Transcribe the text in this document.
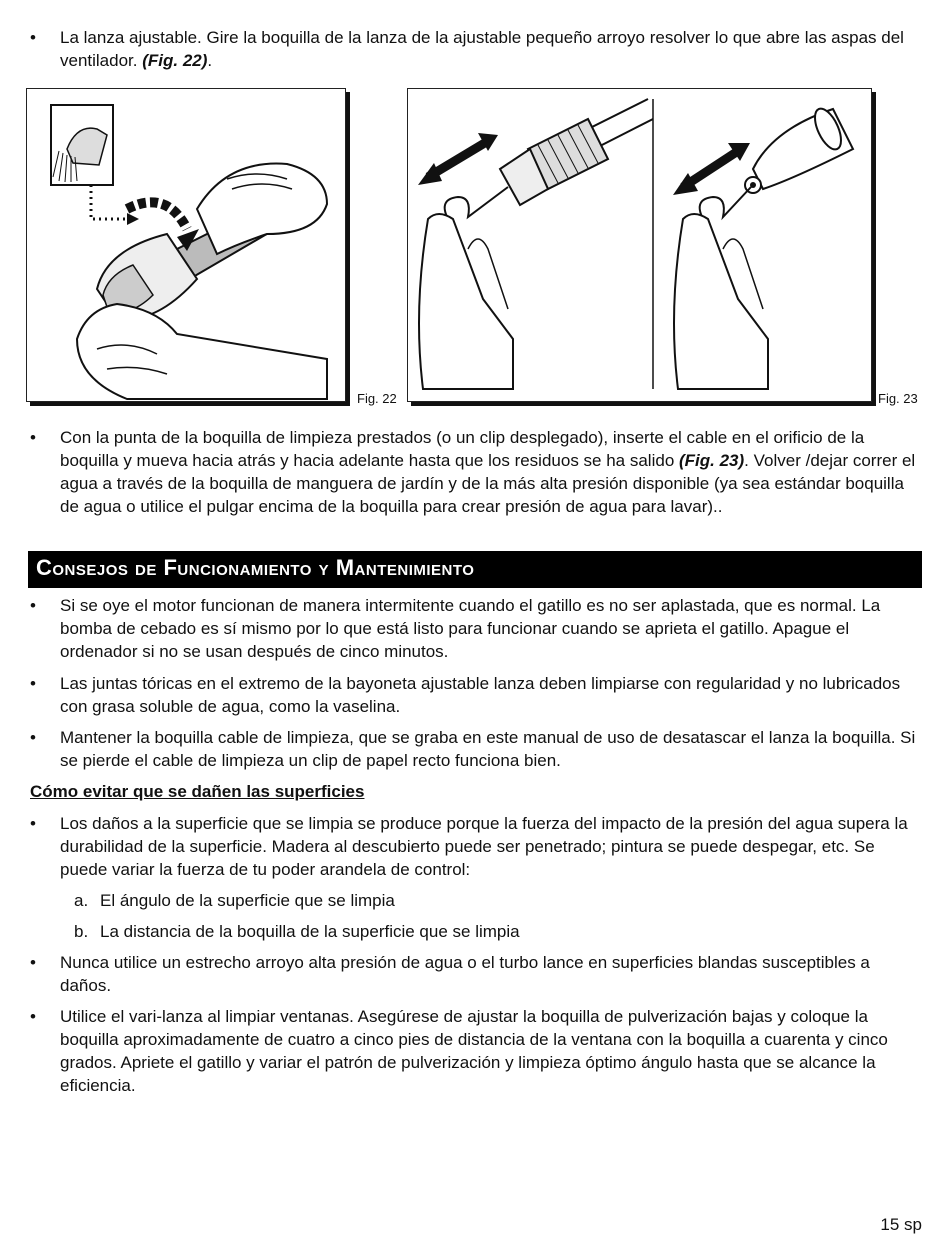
•	La lanza ajustable. Gire la boquilla de la lanza de la ajustable pequeño arroyo resolver lo que abre las aspas del ventilador. (Fig. 22).
Fig. 22	Fig. 23
•	Con la punta de la boquilla de limpieza prestados (o un clip desplegado), inserte el cable en el orificio de la boquilla y mueva hacia atrás y hacia adelante hasta que los residuos se ha salido (Fig. 23). Volver /dejar correr el agua a través de la boquilla de manguera de jardín y de la más alta presión disponible (ya sea estándar boquilla de agua o utilice el pulgar encima de la boquilla para crear presión de agua para lavar)..
Consejos de Funcionamiento y Mantenimiento
•	Si se oye el motor funcionan de manera intermitente cuando el gatillo es no ser aplastada, que es normal. La bomba de cebado es sí mismo por lo que está listo para funcionar cuando se aprieta el gatillo. Apague el ordenador si no se usan después de cinco minutos.
•	Las juntas tóricas en el extremo de la bayoneta ajustable lanza deben limpiarse con regularidad y no lubricados con grasa soluble de agua, como la vaselina.
•	Mantener la boquilla cable de limpieza, que se graba en este manual de uso de desatascar el lanza la boquilla. Si se pierde el cable de limpieza un clip de papel recto funciona bien.
Cómo evitar que se dañen las superficies
•	Los daños a la superficie que se limpia se produce porque la fuerza del impacto de la presión del agua supera la durabilidad de la superficie. Madera al descubierto puede ser penetrado; pintura se puede despegar, etc. Se puede variar la fuerza de tu poder arandela de control:
a. El ángulo de la superficie que se limpia
b. La distancia de la boquilla de la superficie que se limpia
•	Nunca utilice un estrecho arroyo alta presión de agua o el turbo lance en superficies blandas susceptibles a daños.
•	Utilice el vari-lanza al limpiar ventanas. Asegúrese de ajustar la boquilla de pulverización bajas y coloque la boquilla aproximadamente de cuatro a cinco pies de distancia de la ventana con la boquilla a cuarenta y cinco grados. Apriete el gatillo y variar el patrón de pulverización y limpieza óptimo ángulo hasta que se alcance la eficiencia.
15 sp
